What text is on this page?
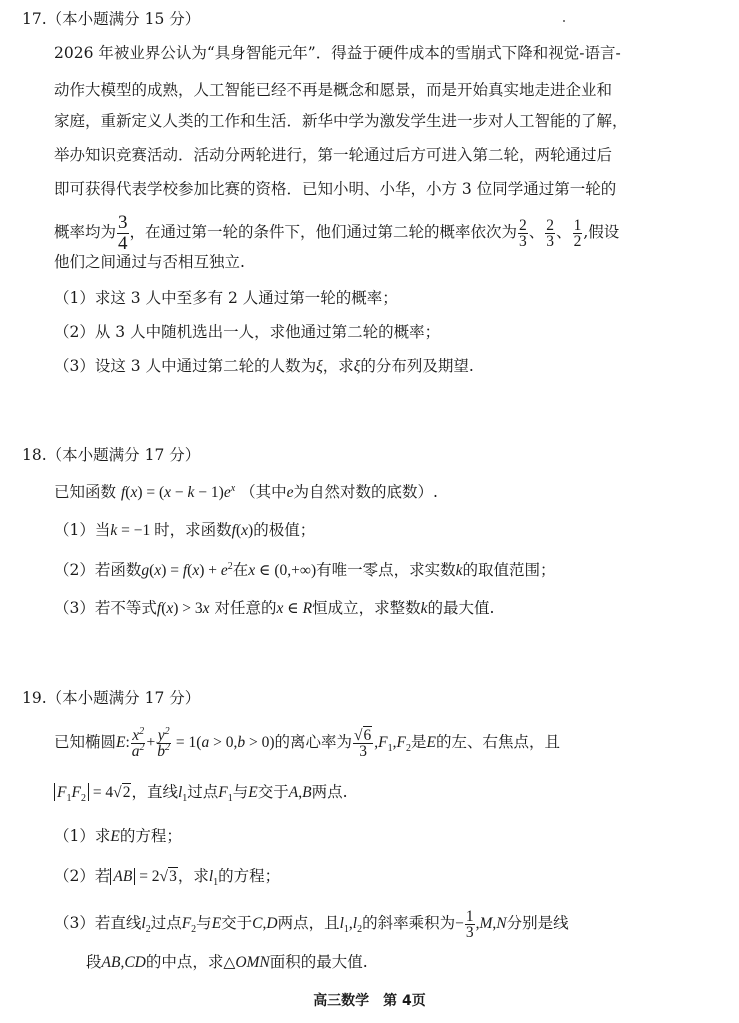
17.（本小题满分 15 分）
2026 年被业界公认为“具身智能元年”．得益于硬件成本的雪崩式下降和视觉-语言-
动作大模型的成熟，人工智能已经不再是概念和愿景，而是开始真实地走进企业和
家庭，重新定义人类的工作和生活．新华中学为激发学生进一步对人工智能的了解，
举办知识竞赛活动．活动分两轮进行，第一轮通过后方可进入第二轮，两轮通过后
即可获得代表学校参加比赛的资格．已知小明、小华，小方 3 位同学通过第一轮的
概率均为 $\frac{3}{4}$ ，在通过第一轮的条件下，他们通过第二轮的概率依次为 $\frac{2}{3}$ 、 $\frac{2}{3}$ 、 $\frac{1}{2}$ ,假设
他们之间通过与否相互独立.
（1）求这 3 人中至多有 2 人通过第一轮的概率；
（2）从 3 人中随机选出一人，求他通过第二轮的概率；
（3）设这 3 人中通过第二轮的人数为ξ，求ξ的分布列及期望.
18.（本小题满分 17 分）
已知函数 $f(x) = (x - k - 1)e^x$ （其中e为自然对数的底数）.
（1）当k = −1 时，求函数f(x)的极值；
（2）若函数$g(x) = f(x) + e^2$在x ∈ (0,+∞)有唯一零点，求实数k的取值范围；
（3）若不等式f(x) > 3x 对任意的x ∈ R恒成立，求整数k的最大值.
19.（本小题满分 17 分）
已知椭圆E: $\frac{x^2}{a^2} + \frac{y^2}{b^2} = 1(a > 0,b > 0)$的离心率为 $\frac{√6}{3} ,F_1,F_2$是E的左、右焦点，且
$F_1F_2 = 4√2$，直线$l_1$过点$F_1$与E交于A,B两点.
（1）求E的方程；
（2）若 AB = 2√3，求$l_1$的方程；
（3）若直线$l_2$过点$F_2$与E交于C,D两点，且$l_1,l_2$的斜率乘积为− $\frac{1}{3} ,M,N$分别是线
段AB,CD的中点，求△OMN面积的最大值.
高三数学　第 4页
